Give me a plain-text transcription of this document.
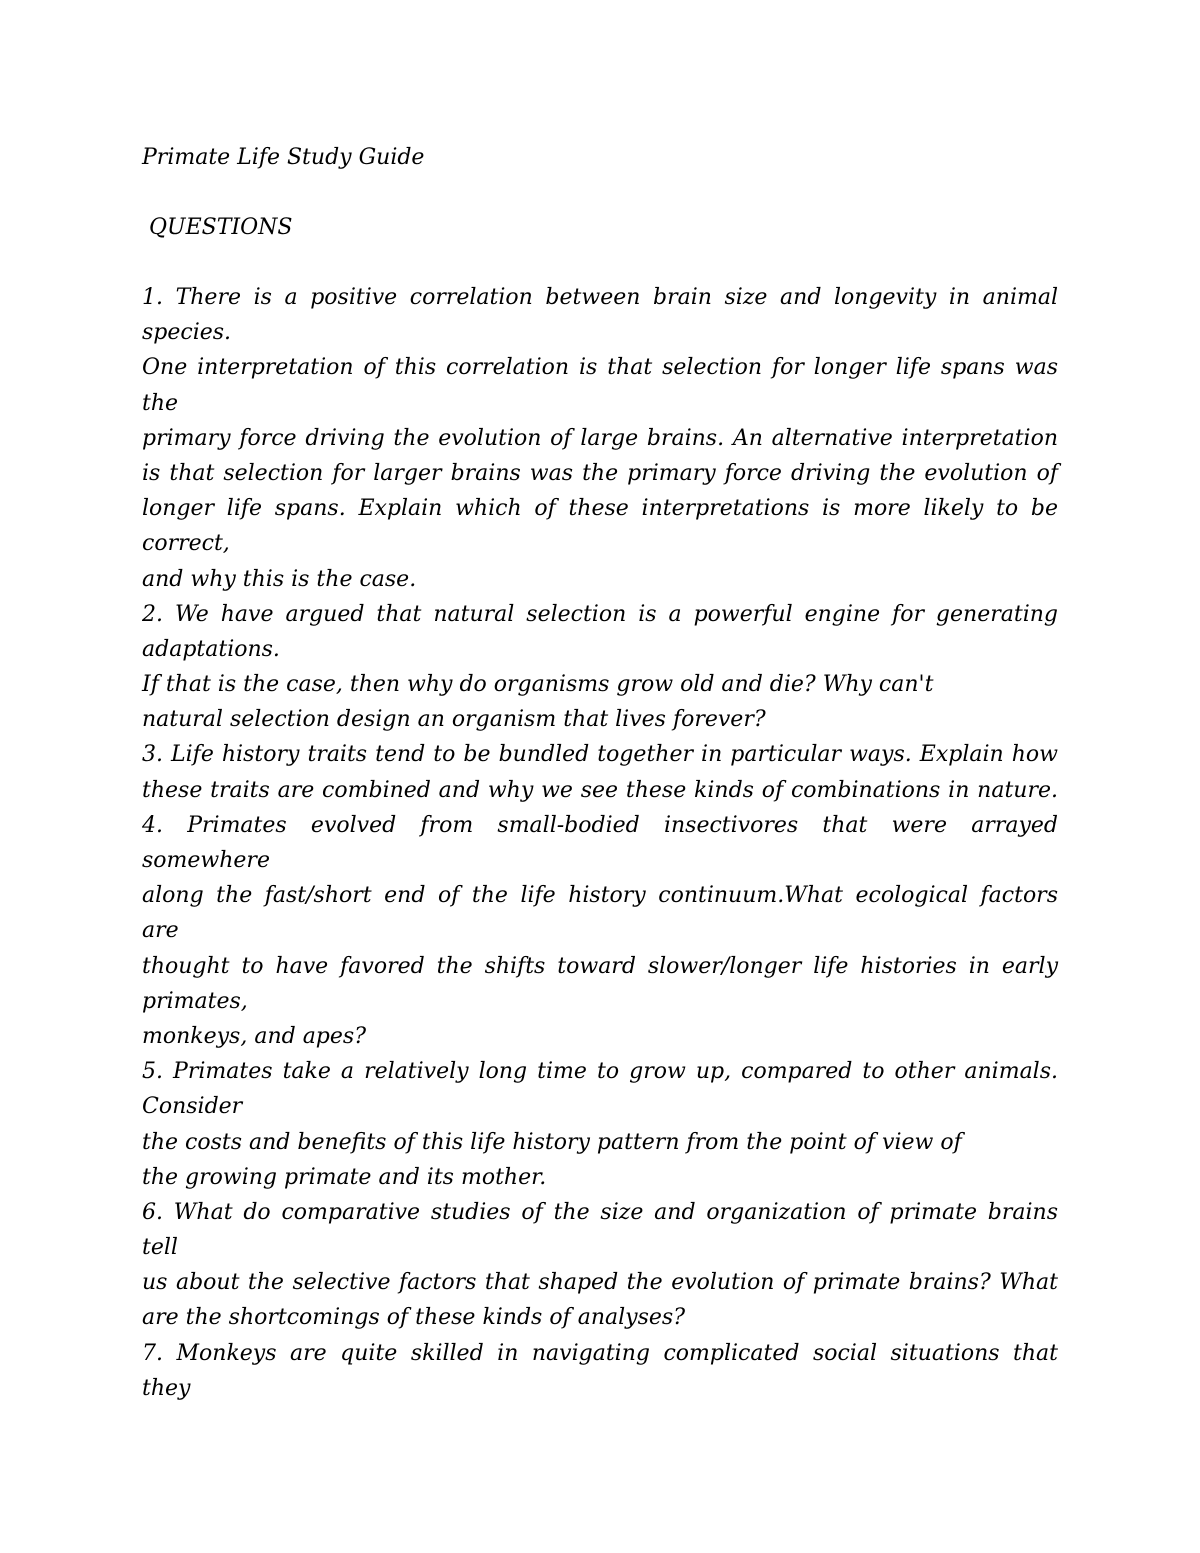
Primate Life Study Guide

QUESTIONS

1. There is a positive correlation between brain size and longevity in animal
species.
One interpretation of this correlation is that selection for longer life spans was
the
primary force driving the evolution of large brains. An alternative interpretation
is that selection for larger brains was the primary force driving the evolution of
longer life spans. Explain which of these interpretations is more likely to be
correct,
and why this is the case.
2. We have argued that natural selection is a powerful engine for generating
adaptations.
If that is the case, then why do organisms grow old and die? Why can't
natural selection design an organism that lives forever?
3. Life history traits tend to be bundled together in particular ways. Explain how
these traits are combined and why we see these kinds of combinations in nature.
4. Primates evolved from small-bodied insectivores that were arrayed
somewhere
along the fast/short end of the life history continuum.What ecological factors
are
thought to have favored the shifts toward slower/longer life histories in early
primates,
monkeys, and apes?
5. Primates take a relatively long time to grow up, compared to other animals.
Consider
the costs and benefits of this life history pattern from the point of view of
the growing primate and its mother.
6. What do comparative studies of the size and organization of primate brains
tell
us about the selective factors that shaped the evolution of primate brains? What
are the shortcomings of these kinds of analyses?
7. Monkeys are quite skilled in navigating complicated social situations that
they
